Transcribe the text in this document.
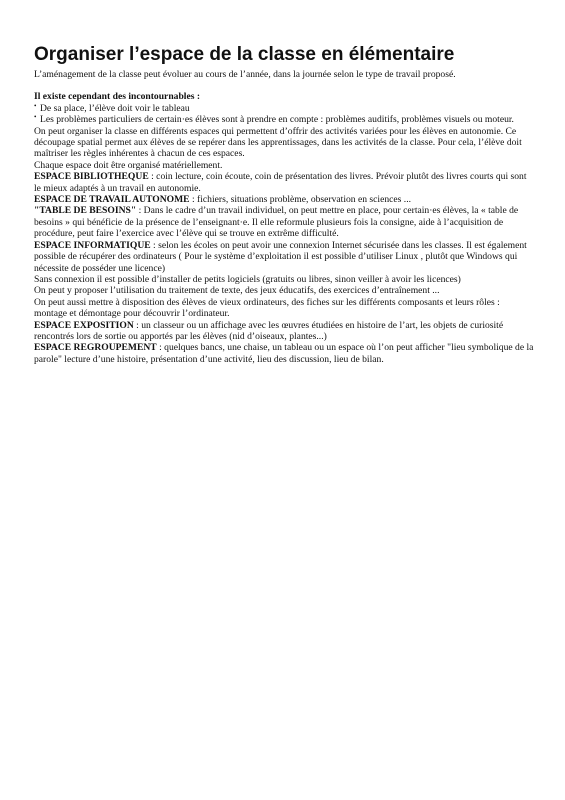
Organiser l’espace de la classe en élémentaire

L’aménagement de la classe peut évoluer au cours de l’année, dans la journée selon le type de travail proposé.

Il existe cependant des incontournables :

• De sa place, l’élève doit voir le tableau

• Les problèmes particuliers de certain·es élèves sont à prendre en compte : problèmes auditifs, problèmes visuels ou moteur.

On peut organiser la classe en différents espaces qui permettent d’offrir des activités variées pour les élèves en autonomie. Ce découpage spatial permet aux élèves de se repérer dans les apprentissages, dans les activités de la classe. Pour cela, l’élève doit maîtriser les règles inhérentes à chacun de ces espaces.

Chaque espace doit être organisé matériellement.

ESPACE BIBLIOTHEQUE : coin lecture, coin écoute, coin de présentation des livres. Prévoir plutôt des livres courts qui sont le mieux adaptés à un travail en autonomie.

ESPACE DE TRAVAIL AUTONOME : fichiers, situations problème, observation en sciences ...

"TABLE DE BESOINS" : Dans le cadre d’un travail individuel, on peut mettre en place, pour certain·es élèves, la « table de besoins » qui bénéficie de la présence de l’enseignant·e. Il elle reformule plusieurs fois la consigne, aide à l’acquisition de procédure, peut faire l’exercice avec l’élève qui se trouve en extrême difficulté.

ESPACE INFORMATIQUE : selon les écoles on peut avoir une connexion Internet sécurisée dans les classes. Il est également possible de récupérer des ordinateurs ( Pour le système d’exploitation il est possible d’utiliser Linux , plutôt que Windows qui nécessite de posséder une licence)

Sans connexion il est possible d’installer de petits logiciels (gratuits ou libres, sinon veiller à avoir les licences)

On peut y proposer l’utilisation du traitement de texte, des jeux éducatifs, des exercices d’entraînement ...

On peut aussi mettre à disposition des élèves de vieux ordinateurs, des fiches sur les différents composants et leurs rôles : montage et démontage pour découvrir l’ordinateur.

ESPACE EXPOSITION : un classeur ou un affichage avec les œuvres étudiées en histoire de l’art, les objets de curiosité rencontrés lors de sortie ou apportés par les élèves (nid d’oiseaux, plantes...)

ESPACE REGROUPEMENT : quelques bancs, une chaise, un tableau ou un espace où l’on peut afficher "lieu symbolique de la parole" lecture d’une histoire, présentation d’une activité, lieu des discussion, lieu de bilan.
